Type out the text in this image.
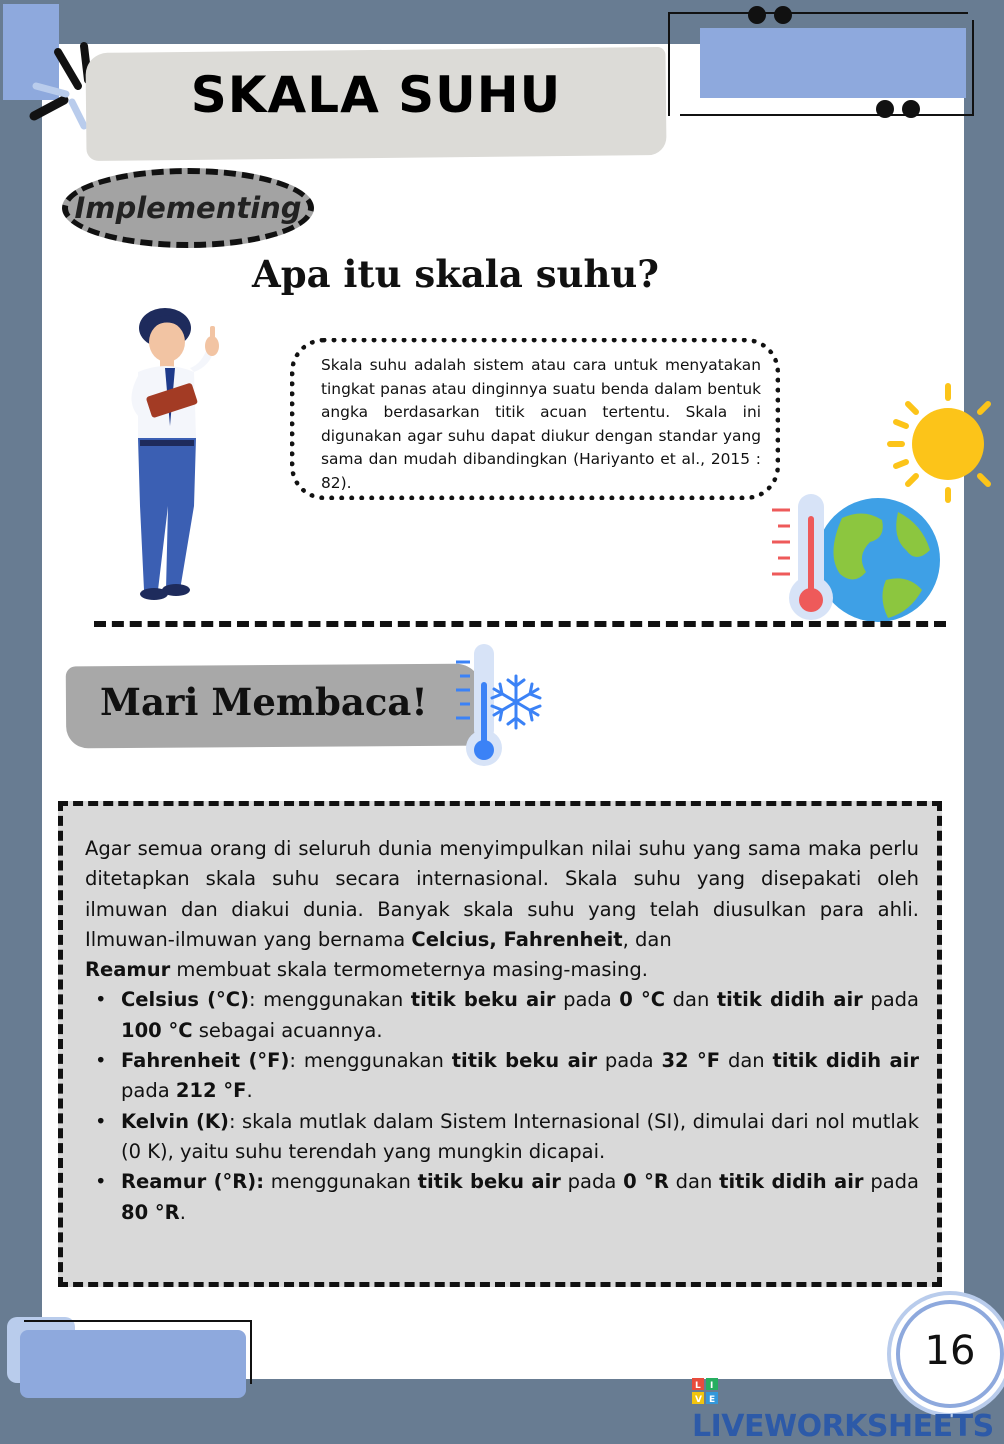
SKALA SUHU
Implementing
Apa itu skala suhu?
Skala suhu adalah sistem atau cara untuk menyatakan tingkat panas atau dinginnya suatu benda dalam bentuk angka berdasarkan titik acuan tertentu. Skala ini digunakan agar suhu dapat diukur dengan standar yang sama dan mudah dibandingkan (Hariyanto et al., 2015 : 82).
Mari Membaca!

Agar semua orang di seluruh dunia menyimpulkan nilai suhu yang sama maka perlu ditetapkan skala suhu secara internasional. Skala suhu yang disepakati oleh ilmuwan dan diakui dunia. Banyak skala suhu yang telah diusulkan para ahli. Ilmuwan-ilmuwan yang bernama Celcius, Fahrenheit, dan
Reamur membuat skala termometernya masing-masing.

• Celsius (°C): menggunakan titik beku air pada 0 °C dan titik didih air pada 100 °C sebagai acuannya.
• Fahrenheit (°F): menggunakan titik beku air pada 32 °F dan titik didih air pada 212 °F.
• Kelvin (K): skala mutlak dalam Sistem Internasional (SI), dimulai dari nol mutlak (0 K), yaitu suhu terendah yang mungkin dicapai.
• Reamur (°R): menggunakan titik beku air pada 0 °R dan titik didih air pada 80 °R.
16
L I
V E
LIVEWORKSHEETS
